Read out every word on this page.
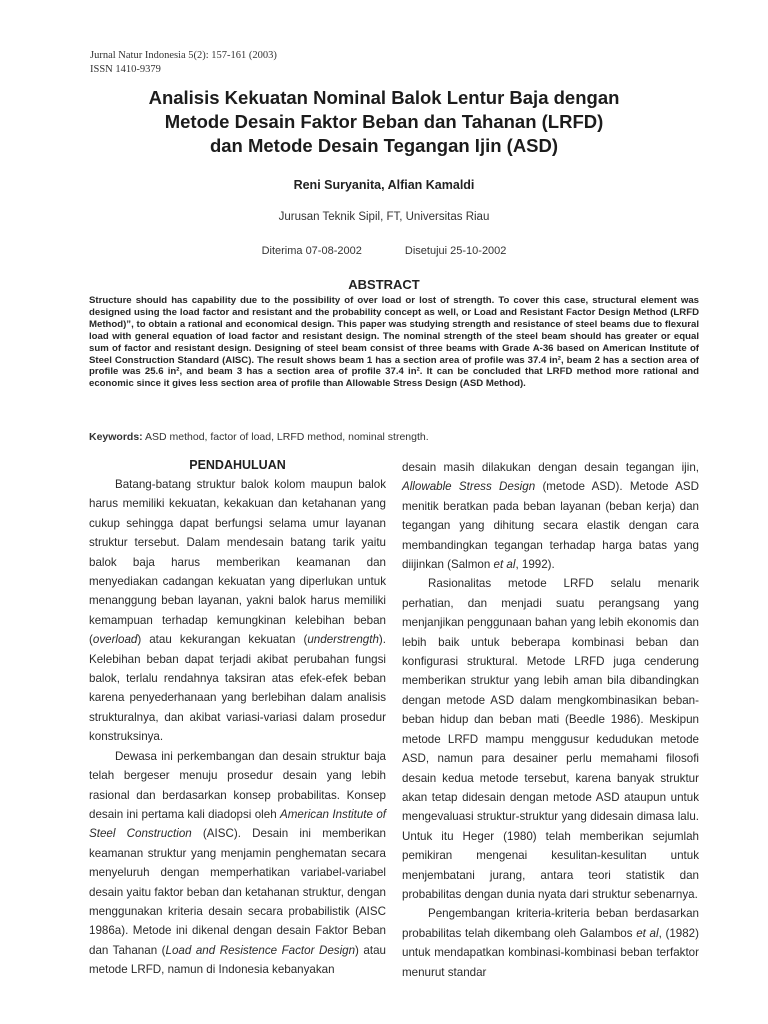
Jurnal Natur Indonesia 5(2): 157-161 (2003)
ISSN 1410-9379
Analisis Kekuatan Nominal Balok Lentur Baja dengan
Metode Desain Faktor Beban dan Tahanan (LRFD)
dan Metode Desain Tegangan Ijin (ASD)
Reni Suryanita, Alfian Kamaldi
Jurusan Teknik Sipil, FT, Universitas Riau
Diterima 07-08-2002	Disetujui 25-10-2002
ABSTRACT
Structure should has capability due to the possibility of over load or lost of strength. To cover this case, structural element was designed using the load factor and resistant and the probability concept as well, or Load and Resistant Factor Design Method (LRFD Method)”, to obtain a rational and economical design. This paper was studying strength and resistance of steel beams due to flexural load with general equation of load factor and resistant design. The nominal strength of the steel beam should has greater or equal sum of factor and resistant design. Designing of steel beam consist of three beams with Grade A-36 based on American Institute of Steel Construction Standard (AISC). The result shows beam 1 has a section area of profile was 37.4 in², beam 2 has a section area of profile was 25.6 in², and beam 3 has a section area of profile 37.4 in². It can be concluded that LRFD method more rational and economic since it gives less section area of profile than Allowable Stress Design (ASD Method).
Keywords: ASD method, factor of load, LRFD method, nominal strength.
PENDAHULUAN

Batang-batang struktur balok kolom maupun balok harus memiliki kekuatan, kekakuan dan ketahanan yang cukup sehingga dapat berfungsi selama umur layanan struktur tersebut. Dalam mendesain batang tarik yaitu balok baja harus memberikan keamanan dan menyediakan cadangan kekuatan yang diperlukan untuk menanggung beban layanan, yakni balok harus memiliki kemampuan terhadap kemungkinan kelebihan beban (overload) atau kekurangan kekuatan (understrength). Kelebihan beban dapat terjadi akibat perubahan fungsi balok, terlalu rendahnya taksiran atas efek-efek beban karena penyederhanaan yang berlebihan dalam analisis strukturalnya, dan akibat variasi-variasi dalam prosedur konstruksinya.

Dewasa ini perkembangan dan desain struktur baja telah bergeser menuju prosedur desain yang lebih rasional dan berdasarkan konsep probabilitas. Konsep desain ini pertama kali diadopsi oleh American Institute of Steel Construction (AISC). Desain ini memberikan keamanan struktur yang menjamin penghematan secara menyeluruh dengan memperhatikan variabel-variabel desain yaitu faktor beban dan ketahanan struktur, dengan menggunakan kriteria desain secara probabilistik (AISC 1986a). Metode ini dikenal dengan desain Faktor Beban dan Tahanan (Load and Resistence Factor Design) atau metode LRFD, namun di Indonesia kebanyakan

desain masih dilakukan dengan desain tegangan ijin, Allowable Stress Design (metode ASD). Metode ASD menitik beratkan pada beban layanan (beban kerja) dan tegangan yang dihitung secara elastik dengan cara membandingkan tegangan terhadap harga batas yang diijinkan (Salmon et al, 1992).

Rasionalitas metode LRFD selalu menarik perhatian, dan menjadi suatu perangsang yang menjanjikan penggunaan bahan yang lebih ekonomis dan lebih baik untuk beberapa kombinasi beban dan konfigurasi struktural. Metode LRFD juga cenderung memberikan struktur yang lebih aman bila dibandingkan dengan metode ASD dalam mengkombinasikan beban-beban hidup dan beban mati (Beedle 1986). Meskipun metode LRFD mampu menggusur kedudukan metode ASD, namun para desainer perlu memahami filosofi desain kedua metode tersebut, karena banyak struktur akan tetap didesain dengan metode ASD ataupun untuk mengevaluasi struktur-struktur yang didesain dimasa lalu. Untuk itu Heger (1980) telah memberikan sejumlah pemikiran mengenai kesulitan-kesulitan untuk menjembatani jurang, antara teori statistik dan probabilitas dengan dunia nyata dari struktur sebenarnya.

Pengembangan kriteria-kriteria beban berdasarkan probabilitas telah dikembang oleh Galambos et al, (1982) untuk mendapatkan kombinasi-kombinasi beban terfaktor menurut standar
